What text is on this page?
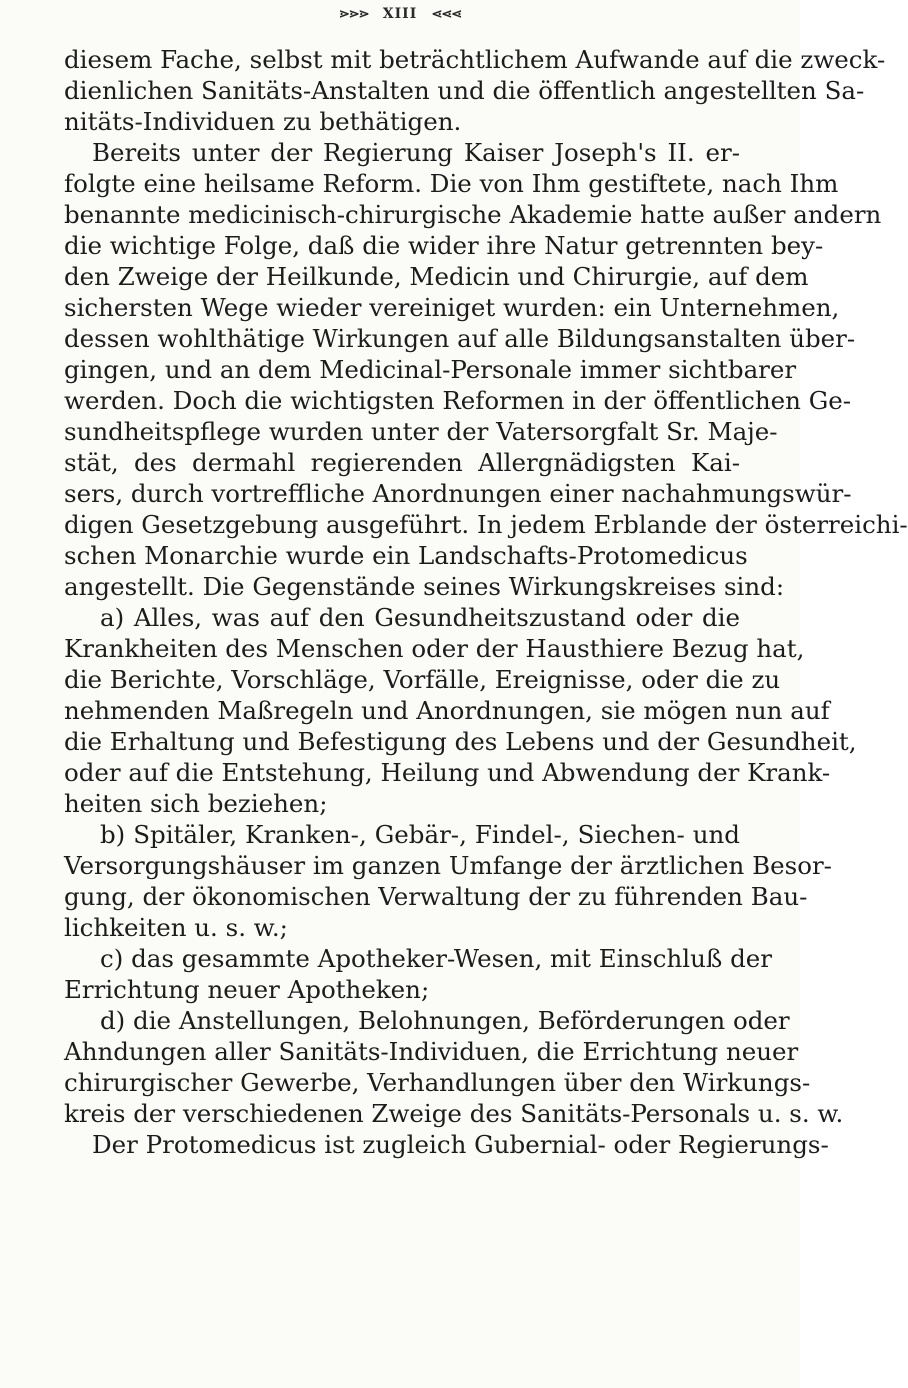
⋗⋗⋗ XIII ⋖⋖⋖
diesem Fache, selbst mit beträchtlichem Aufwande auf die zweck-
dienlichen Sanitäts-Anstalten und die öffentlich angestellten Sa-
nitäts-Individuen zu bethätigen.
Bereits unter der Regierung Kaiser Joseph's II. er-
folgte eine heilsame Reform. Die von Ihm gestiftete, nach Ihm
benannte medicinisch-chirurgische Akademie hatte außer andern
die wichtige Folge, daß die wider ihre Natur getrennten bey-
den Zweige der Heilkunde, Medicin und Chirurgie, auf dem
sichersten Wege wieder vereiniget wurden: ein Unternehmen,
dessen wohlthätige Wirkungen auf alle Bildungsanstalten über-
gingen, und an dem Medicinal-Personale immer sichtbarer
werden. Doch die wichtigsten Reformen in der öffentlichen Ge-
sundheitspflege wurden unter der Vatersorgfalt Sr. Majе-
stät, des dermahl regierenden Allergnädigsten Kai-
sers, durch vortreffliche Anordnungen einer nachahmungswür-
digen Gesetzgebung ausgeführt. In jedem Erblande der österreichi-
schen Monarchie wurde ein Landschafts-Protomedicus
angestellt. Die Gegenstände seines Wirkungskreises sind:
a) Alles, was auf den Gesundheitszustand oder die
Krankheiten des Menschen oder der Hausthiere Bezug hat,
die Berichte, Vorschläge, Vorfälle, Ereignisse, oder die zu
nehmenden Maßregeln und Anordnungen, sie mögen nun auf
die Erhaltung und Befestigung des Lebens und der Gesundheit,
oder auf die Entstehung, Heilung und Abwendung der Krank-
heiten sich beziehen;
b) Spitäler, Kranken-, Gebär-, Findel-, Siechen- und
Versorgungshäuser im ganzen Umfange der ärztlichen Besor-
gung, der ökonomischen Verwaltung der zu führenden Bau-
lichkeiten u. s. w.;
c) das gesammte Apotheker-Wesen, mit Einschluß der
Errichtung neuer Apotheken;
d) die Anstellungen, Belohnungen, Beförderungen oder
Ahndungen aller Sanitäts-Individuen, die Errichtung neuer
chirurgischer Gewerbe, Verhandlungen über den Wirkungs-
kreis der verschiedenen Zweige des Sanitäts-Personals u. s. w.
Der Protomedicus ist zugleich Gubernial- oder Regierungs-
